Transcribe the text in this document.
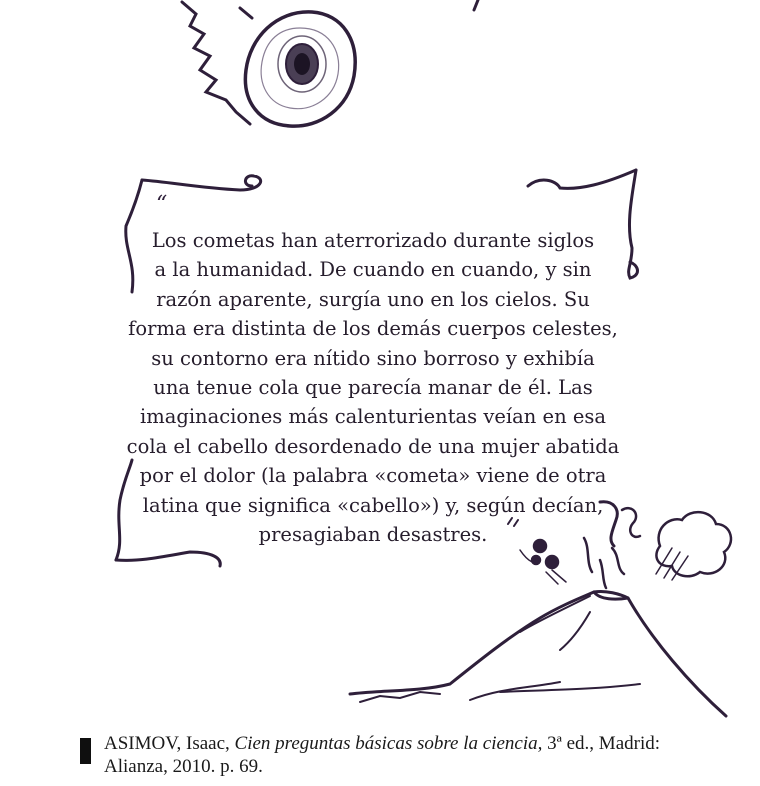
“

Los cometas han aterrorizado durante siglos
a la humanidad. De cuando en cuando, y sin
razón aparente, surgía uno en los cielos. Su
forma era distinta de los demás cuerpos celestes,
su contorno era nítido sino borroso y exhibía
una tenue cola que parecía manar de él. Las
imaginaciones más calenturientas veían en esa
cola el cabello desordenado de una mujer abatida
por el dolor (la palabra «cometa» viene de otra
latina que significa «cabello») y, según decían,
presagiaban desastres.

ASIMOV, Isaac, Cien preguntas básicas sobre la ciencia, 3ª ed., Madrid:
Alianza, 2010. p. 69.
